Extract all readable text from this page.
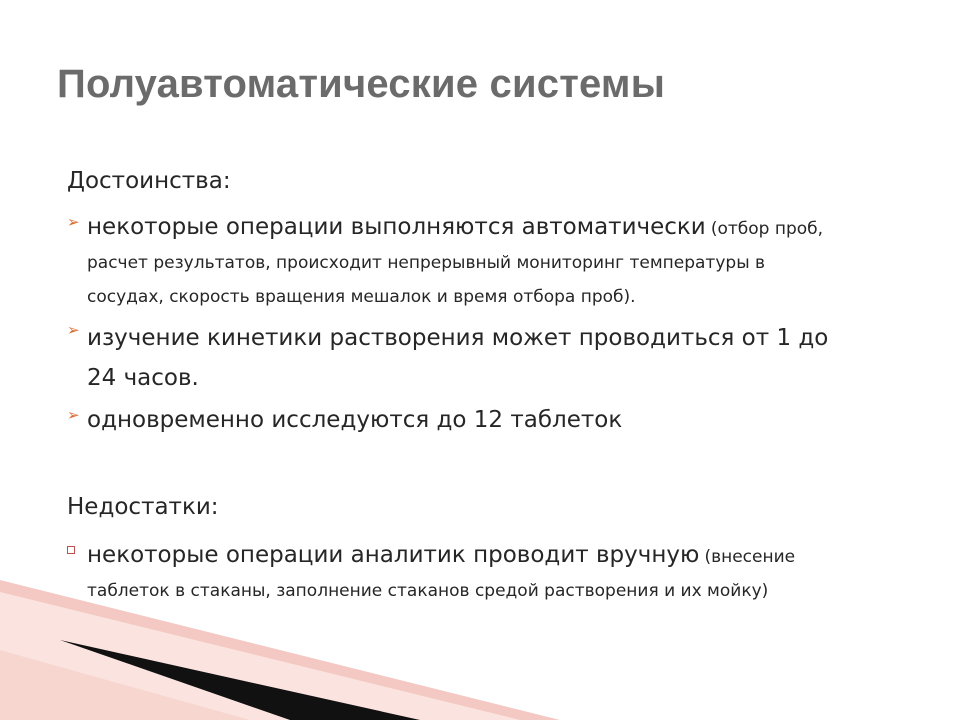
Полуавтоматические системы
Достоинства:
➢ некоторые операции выполняются автоматически (отбор проб,
расчет результатов, происходит непрерывный мониторинг температуры в
сосудах, скорость вращения мешалок и время отбора проб).
➢ изучение кинетики растворения может проводиться от 1 до
24 часов.
➢ одновременно исследуются до 12 таблеток
Недостатки:
некоторые операции аналитик проводит вручную (внесение
таблеток в стаканы, заполнение стаканов средой растворения и их мойку)
